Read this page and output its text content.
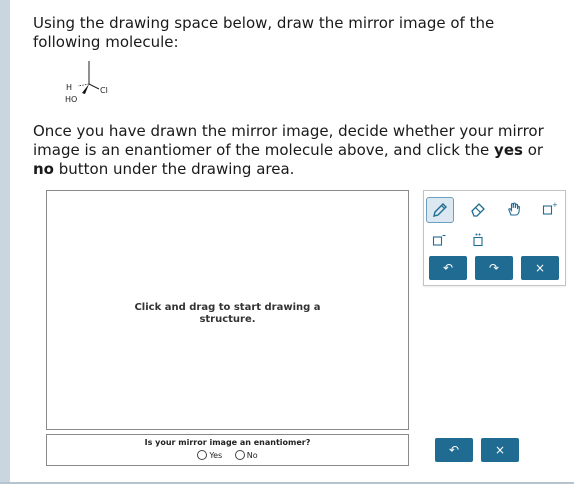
Using the drawing space below, draw the mirror image of the following molecule:
H	Cl
HO
Once you have drawn the mirror image, decide whether your mirror image is an enantiomer of the molecule above, and click the yes or no button under the drawing area.
Click and drag to start drawing a structure.
+
↶	↷	×
Is your mirror image an enantiomer?
Yes
	No	↶	×
